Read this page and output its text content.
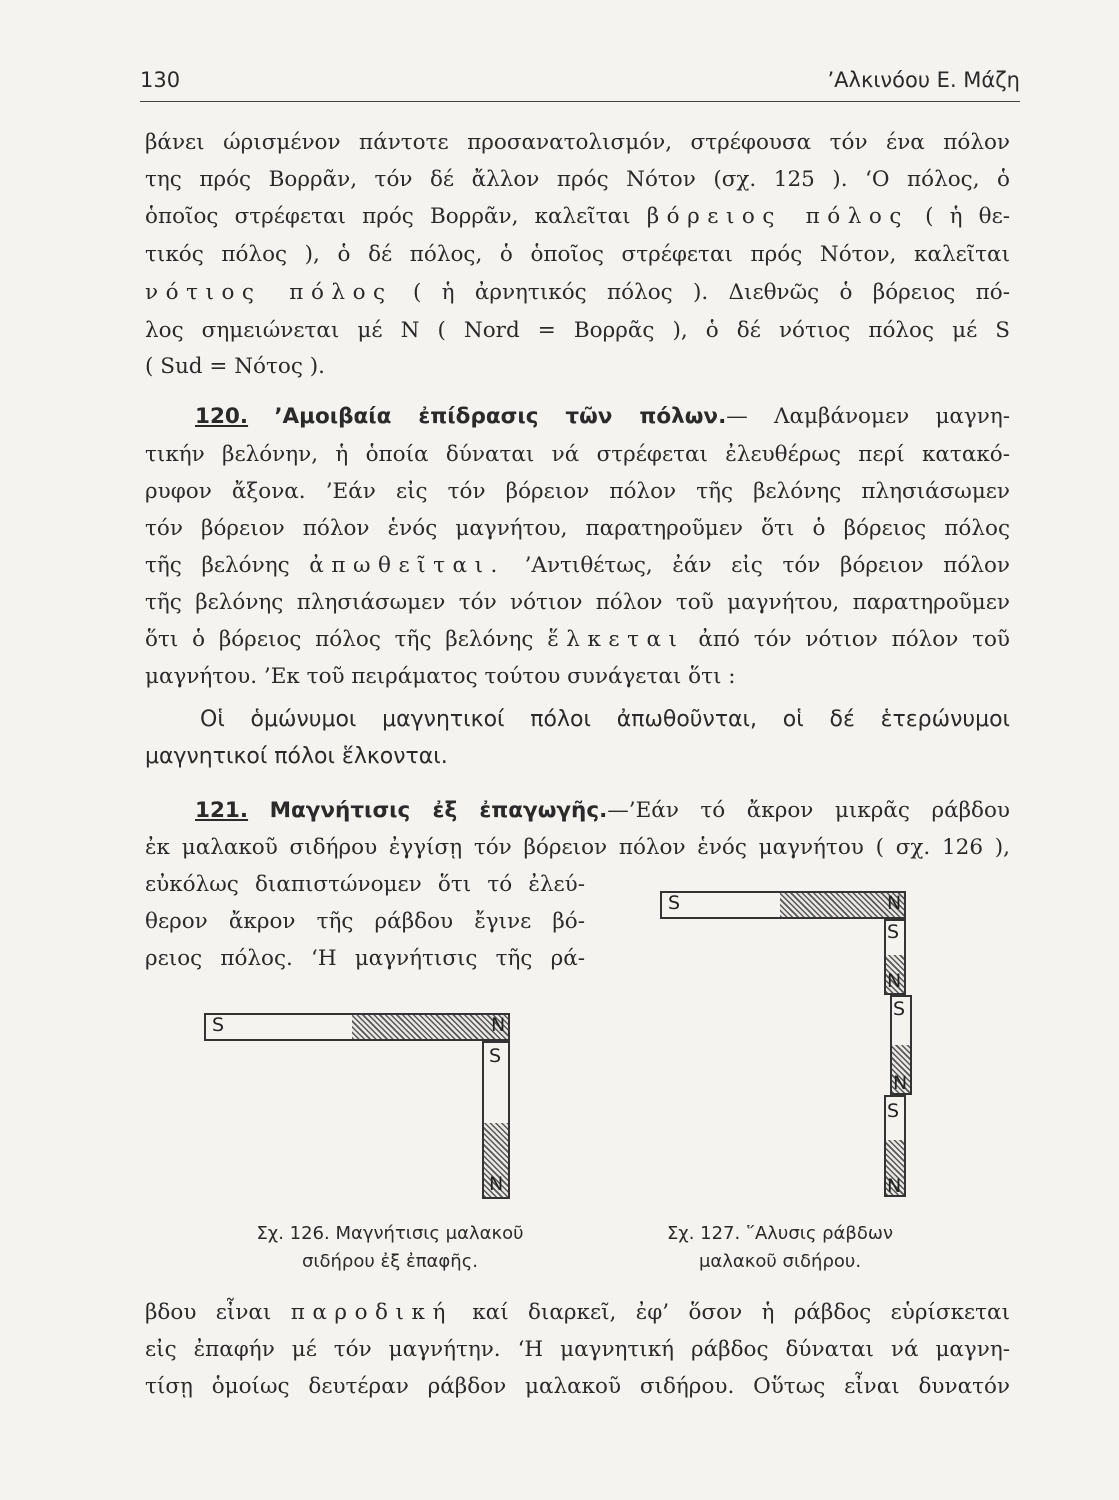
130	’Αλκινόου Ε. Μάζη
βάνει ώρισμένον πάντοτε προσανατολισμόν, στρέφουσα τόν ένα πόλον
της πρός Βορρᾶν, τόν δέ ἄλλον πρός Νότον (σχ. 125 ). ‘Ο πόλος, ὁ
ὁποῖος στρέφεται πρός Βορρᾶν, καλεῖται βόρειος πόλος ( ἡ θε-
τικός πόλος ), ὁ δέ πόλος, ὁ ὁποῖος στρέφεται πρός Νότον, καλεῖται
νότιος πόλος ( ἡ ἀρνητικός πόλος ). Διεθνῶς ὁ βόρειος πό-
λος σημειώνεται μέ Ν ( Nord = Βορρᾶς ), ὁ δέ νότιος πόλος μέ S
( Sud = Νότος ).
120. ’Αμοιβαία ἐπίδρασις τῶν πόλων.— Λαμβάνομεν μαγνη-
τικήν βελόνην, ἡ ὁποία δύναται νά στρέφεται ἐλευθέρως περί κατακό-
ρυφον ἄξονα. ’Εάν εἰς τόν βόρειον πόλον τῆς βελόνης πλησιάσωμεν
τόν βόρειον πόλον ἑνός μαγνήτου, παρατηροῦμεν ὅτι ὁ βόρειος πόλος
τῆς βελόνης ἀπωθεῖται. ’Αντιθέτως, ἐάν εἰς τόν βόρειον πόλον
τῆς βελόνης πλησιάσωμεν τόν νότιον πόλον τοῦ μαγνήτου, παρατηροῦμεν
ὅτι ὁ βόρειος πόλος τῆς βελόνης ἕλκεται ἀπό τόν νότιον πόλον τοῦ
μαγνήτου. ’Εκ τοῦ πειράματος τούτου συνάγεται ὅτι :
Οἱ ὁμώνυμοι μαγνητικοί πόλοι ἀπωθοῦνται, οἱ δέ ἑτερώνυμοι
μαγνητικοί πόλοι ἕλκονται.
121. Μαγνήτισις ἐξ ἐπαγωγῆς.—’Εάν τό ἄκρον μικρᾶς ράβδου
ἐκ μαλακοῦ σιδήρου ἐγγίσῃ τόν βόρειον πόλον ἑνός μαγνήτου ( σχ. 126 ),
εὐκόλως διαπιστώνομεν ὅτι τό ἐλεύ-
θερον ἄκρον τῆς ράβδου ἔγινε βό-
ρειος πόλος. ‘Η μαγνήτισις τῆς ρά-
S	N
S
N
Σχ. 126. Μαγνήτισις μαλακοῦ
σιδήρου ἐξ ἐπαφῆς.
S	N
S
N
S
N
S
N
Σχ. 127. ῞Αλυσις ράβδων
μαλακοῦ σιδήρου.
βδου εἶναι παροδική καί διαρκεῖ, ἐφ’ ὅσον ἡ ράβδος εὑρίσκεται
εἰς ἐπαφήν μέ τόν μαγνήτην. ‘Η μαγνητική ράβδος δύναται νά μαγνη-
τίσῃ ὁμοίως δευτέραν ράβδον μαλακοῦ σιδήρου. Οὕτως εἶναι δυνατόν
